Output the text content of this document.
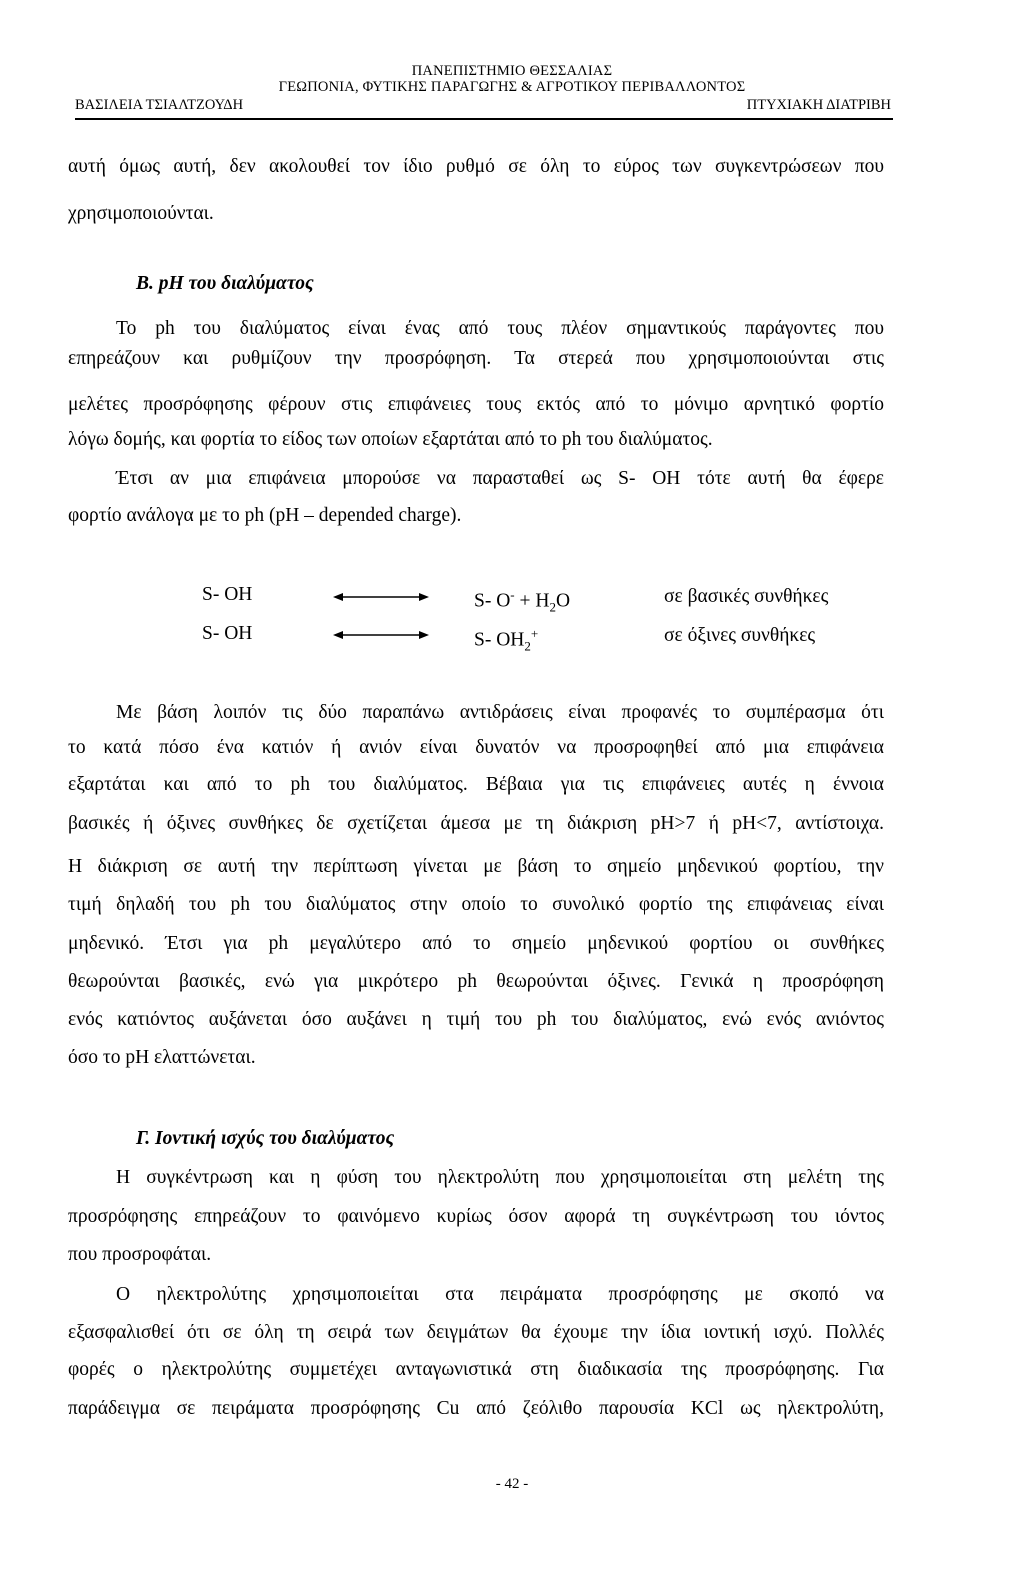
ΠΑΝΕΠΙΣΤΗΜΙΟ ΘΕΣΣΑΛΙΑΣ
ΓΕΩΠΟΝΙΑ, ΦΥΤΙΚΗΣ ΠΑΡΑΓΩΓΗΣ & ΑΓΡΟΤΙΚΟΥ ΠΕΡΙΒΑΛΛΟΝΤΟΣ
ΒΑΣΙΛΕΙΑ ΤΣΙΑΛΤΖΟΥΔΗ	ΠΤΥΧΙΑΚΗ ΔΙΑΤΡΙΒΗ
αυτή όμως αυτή, δεν ακολουθεί τον ίδιο ρυθμό σε όλη το εύρος των συγκεντρώσεων που
χρησιμοποιούνται.
Β. pH του διαλύματος
Το ph του διαλύματος είναι ένας από τους πλέον σημαντικούς παράγοντες που
επηρεάζουν και ρυθμίζουν την προσρόφηση. Τα στερεά που χρησιμοποιούνται στις
μελέτες προσρόφησης φέρουν στις επιφάνειες τους εκτός από το μόνιμο αρνητικό φορτίο
λόγω δομής, και φορτία το είδος των οποίων εξαρτάται από το ph του διαλύματος.
Έτσι αν μια επιφάνεια μπορούσε να παρασταθεί ως S- OH τότε αυτή θα έφερε
φορτίο ανάλογα με το ph (pH – depended charge).
S- OH	S- $O^- + H_2O$	σε βασικές συνθήκες
S- OH	S- $OH_2^+$	σε όξινες συνθήκες
Με βάση λοιπόν τις δύο παραπάνω αντιδράσεις είναι προφανές το συμπέρασμα ότι
το κατά πόσο ένα κατιόν ή ανιόν είναι δυνατόν να προσροφηθεί από μια επιφάνεια
εξαρτάται και από το ph του διαλύματος. Βέβαια για τις επιφάνειες αυτές η έννοια
βασικές ή όξινες συνθήκες δε σχετίζεται άμεσα με τη διάκριση pH>7 ή pH<7, αντίστοιχα.
Η διάκριση σε αυτή την περίπτωση γίνεται με βάση το σημείο μηδενικού φορτίου, την
τιμή δηλαδή του ph του διαλύματος στην οποίο το συνολικό φορτίο της επιφάνειας είναι
μηδενικό. Έτσι για ph μεγαλύτερο από το σημείο μηδενικού φορτίου οι συνθήκες
θεωρούνται βασικές, ενώ για μικρότερο ph θεωρούνται όξινες. Γενικά η προσρόφηση
ενός κατιόντος αυξάνεται όσο αυξάνει η τιμή του ph του διαλύματος, ενώ ενός ανιόντος
όσο το pH ελαττώνεται.
Γ. Ιοντική ισχύς του διαλύματος
Η συγκέντρωση και η φύση του ηλεκτρολύτη που χρησιμοποιείται στη μελέτη της
προσρόφησης επηρεάζουν το φαινόμενο κυρίως όσον αφορά τη συγκέντρωση του ιόντος
που προσροφάται.
Ο ηλεκτρολύτης χρησιμοποιείται στα πειράματα προσρόφησης με σκοπό να
εξασφαλισθεί ότι σε όλη τη σειρά των δειγμάτων θα έχουμε την ίδια ιοντική ισχύ. Πολλές
φορές ο ηλεκτρολύτης συμμετέχει ανταγωνιστικά στη διαδικασία της προσρόφησης. Για
παράδειγμα σε πειράματα προσρόφησης Cu από ζεόλιθο παρουσία KCl ως ηλεκτρολύτη,
- 42 -
